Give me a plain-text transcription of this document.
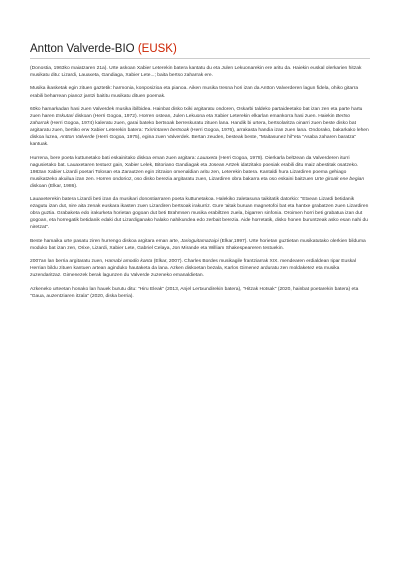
Antton Valverde-BIO (EUSK)

(Donostia, 1963ko maiatzaren 21a). Urte askoan Xabier Leterekin batera kantatu du eta Julen Lekuonarekin ere aritu da. Haiekin euskal olerkarien hitzak musikatu ditu: Lizardi, Lauaxeta, Gandiaga, Xabier Lete...; baita bertso zaharrak ere.

Musika ikasketak egin zituen gaztetik: harmonia, konposizioa eta pianoa. Aiken musika tresna hori izan da Antton Valverderen lagun fidela, ohiko gitarra erabili beharrean pianoz jantzi baititu musikatu dituen poemak.

60ko hamarkadan hasi zuen Valverdek musika ibilbidea. Hainbat disko txiki argitaratu ondoren, Oskarbi taldeko partaideetako bat izan zen eta parte hartu zuen haren Eskutari diskoan (Herri Gogoa, 1972). Horren ostean, Julen Lekuona eta Xabier Leterekin elkarlan emankorra hasi zuen. Haiekin Bertso zaharrak (Herri Gogoa, 1974) kaleratu zuen, garai bateko bertsoak berreskuratu zituen lana. Handik bi urtera, bertsolaritza oinarri zuen beste disko bat argitaratu zuen, bertiko erw Xabier Leterekin batera: Txirrintaren bertsoak (Herri Gogoa, 1976), arrakasta handia izan zuen lana. Ondorako, bakarkako lehen diskoa luzea, Antton Valverde (Herri Gogoa, 1975), egina zuen Valverdek. Bertan zeuden, besteak beste, "Maitasunez hil"eta "Asaba zaharen baratza" kantuak.

Hurrena, bere poeta kuttunetako bati eskainitako diskoa eman zuen argitara: Lauaxeta (Herri Gogoa, 1978). Oierkarla beltzean da Valverderen iturri nagusietako bat. Lauaxetaren testuez gain, Xabier Lelek, Bitoriano Gandiagak eta Josean Artzek idatzitako poesiak erabili ditu maiz abestitak osatzeko. 1983an Xabier Lizardi poetari Tolosan eta Zarautzen egin zitzaion omenaldian aritu zen, Leterekin batera. Kantaldi hura Lizardiren poema gehiago musikatzeko akuilua izan zen. Horren ondorioz, oso disko bereziа argitaratu zuen, Lizardiren obra bakarra eta oso eskaini baitzuen Urte giroak ene begian diskoan (Elkar, 1986).

Lauaxeterekin batera Lizardi beti izan da musikari donostiarraren poeta kuttunetakoa. Halekiko zaletasuna taikitatik datorkio: "Etxean Lizardi betidanik ezagutu izan dut, nire aita zenak euskara ikasten zuen Lizardiren bertsoak irakurriz. Gure 'aitak buruan magnetofoi bat eta hantxe grabatzen zuen Lizardiren obra guztia. Grabaketa edo irakurketa horietan gogoan dut beti Brahmsen musika erabiltzen zuela, bigarren sinfonia. Oroimen horri beti grabatua izan dut gogoan, eta horregatik betidanik edaki dut Lizardiganako halako nahikundea edo zerbait berezia. Aide horretatik, disko honen buruntzeak asko esan nahi du niretzat".

Beste hamaika urte pasatu ziren hurrengo diskoa argitara eman arte, Jarioguitamazaipi (Elkar,1997). Urte horietan guztietan musikatutako olerkien bilduma moduko bat izan zen, Orixe, Lizardi, Xabier Lete, Gabriel Celaya, Jon Mirande eta William Shakespeareren testuekin.

2007an lan berria argitaratu zuen, Hamabi amodio kanta (Elkar, 2007). Charles Bordes musikagile frantziarrak XIX. mendearen erdialdean Iipar Euskal Herrian bildu zituen kantuen artean aginduko hautaketa da lana. Azken diskoetan bezala, Karlos Gimenez arduratu zen moldaketez eta musika zuzendaritzaz. Gimenezek berak lagunzen du Valverde zuzeneko emanaldietan.

Azkeneko urteetan honako lan hauek burutu ditu: "Hiru Eleak" (2013, Anjel Lertxundirekin batera), "Hitzak Hotsak" (2020, hainbat poetarekin batera) eta "Gaua, auzentziaren itzala" (2020, diska berria).
